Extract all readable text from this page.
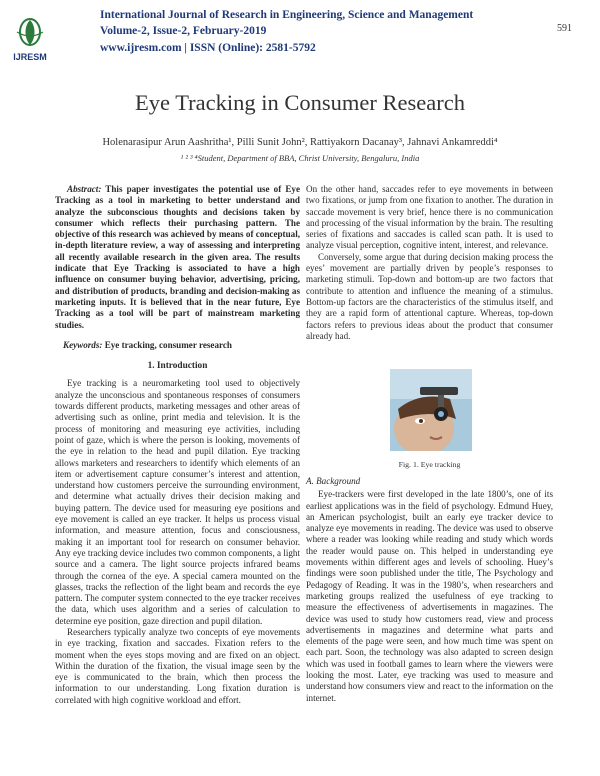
IJRESM
International Journal of Research in Engineering, Science and Management
Volume-2, Issue-2, February-2019
www.ijresm.com | ISSN (Online): 2581-5792
591
Eye Tracking in Consumer Research
Holenarasipur Arun Aashritha¹, Pilli Sunit John², Rattiyakorn Dacanay³, Jahnavi Ankamreddi⁴
¹ ² ³ ⁴Student, Department of BBA, Christ University, Bengaluru, India

Abstract: This paper investigates the potential use of Eye Tracking as a tool in marketing to better understand and analyze the subconscious thoughts and decisions taken by consumer which reflects their purchasing pattern. The objective of this research was achieved by means of conceptual, in-depth literature review, a way of assessing and interpreting all recently available research in the given area. The results indicate that Eye Tracking is associated to have a high influence on consumer buying behavior, advertising, pricing, and distribution of products, branding and decision-making as marketing inputs. It is believed that in the near future, Eye Tracking as a tool will be part of mainstream marketing studies.

Keywords: Eye tracking, consumer research

1. Introduction

Eye tracking is a neuromarketing tool used to objectively analyze the unconscious and spontaneous responses of consumers towards different products, marketing messages and other areas of advertising such as online, print media and television. It is the process of monitoring and measuring eye activities, including point of gaze, which is where the person is looking, movements of the eye in relation to the head and pupil dilation. Eye tracking allows marketers and researchers to identify which elements of an item or advertisement capture consumer’s interest and attention, understand how customers perceive the surrounding environment, and determine what actually drives their decision making and buying pattern. The device used for measuring eye positions and eye movement is called an eye tracker. It helps us process visual information, and measure attention, focus and consciousness, making it an important tool for research on consumer behavior. Any eye tracking device includes two common components, a light source and a camera. The light source projects infrared beams through the cornea of the eye. A special camera mounted on the glasses, tracks the reflection of the light beam and records the eye pattern. The computer system connected to the eye tracker receives the data, which uses algorithm and a series of calculation to determine eye position, gaze direction and pupil dilation.

Researchers typically analyze two concepts of eye movements in eye tracking, fixation and saccades. Fixation refers to the moment when the eyes stops moving and are fixed on an object. Within the duration of the fixation, the visual image seen by the eye is communicated to the brain, which then process the information to our understanding. Long fixation duration is correlated with high cognitive workload and effort.

On the other hand, saccades refer to eye movements in between two fixations, or jump from one fixation to another. The duration in saccade movement is very brief, hence there is no communication and processing of the visual information by the brain. The resulting series of fixations and saccades is called scan path. It is used to analyze visual perception, cognitive intent, interest, and relevance.

Conversely, some argue that during decision making process the eyes’ movement are partially driven by people’s responses to marketing stimuli. Top-down and bottom-up are two factors that contribute to attention and influence the meaning of a stimulus. Bottom-up factors are the characteristics of the stimulus itself, and they are a rapid form of attentional capture. Whereas, top-down factors refers to previous ideas about the product that consumer already had.

Fig. 1. Eye tracking

A. Background

Eye-trackers were first developed in the late 1800’s, one of its earliest applications was in the field of psychology. Edmund Huey, an American psychologist, built an early eye tracker device to analyze eye movements in reading. The device was used to observe where a reader was looking while reading and study which words the reader would pause on. This helped in understanding eye movements within different ages and levels of schooling. Huey’s findings were soon published under the title, The Psychology and Pedagogy of Reading. It was in the 1980’s, when researchers and marketing groups realized the usefulness of eye tracking to measure the effectiveness of advertisements in magazines. The device was used to study how customers read, view and process advertisements in magazines and determine what parts and elements of the page were seen, and how much time was spent on each part. Soon, the technology was also adapted to screen design which was used in football games to learn where the viewers were looking the most. Later, eye tracking was used to measure and understand how consumers view and react to the information on the internet.
